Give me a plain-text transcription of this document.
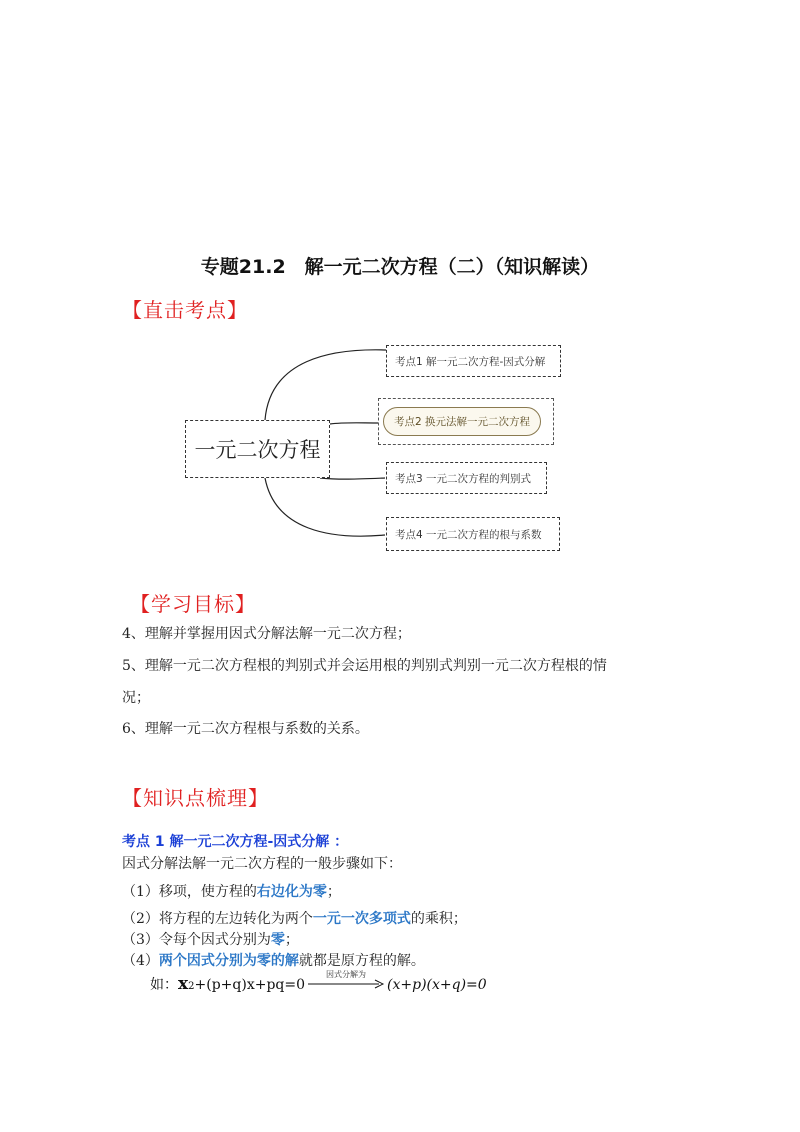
专题21.2　解一元二次方程（二）（知识解读）
【直击考点】
一元二次方程
考点1 解一元二次方程-因式分解
考点2 换元法解一元二次方程
考点3 一元二次方程的判别式
考点4 一元二次方程的根与系数
【学习目标】
4、理解并掌握用因式分解法解一元二次方程；
5、理解一元二次方程根的判别式并会运用根的判别式判别一元二次方程根的情
况；
6、理解一元二次方程根与系数的关系。
【知识点梳理】
考点 1 解一元二次方程-因式分解 ：
因式分解法解一元二次方程的一般步骤如下：
（1）移项，使方程的右边化为零；
（2）将方程的左边转化为两个一元一次多项式的乘积；
（3）令每个因式分别为零；
（4）两个因式分别为零的解就都是原方程的解。
如： x 2 +(p+q)x+pq=0
因式分解为
(x+p)(x+q)=0
